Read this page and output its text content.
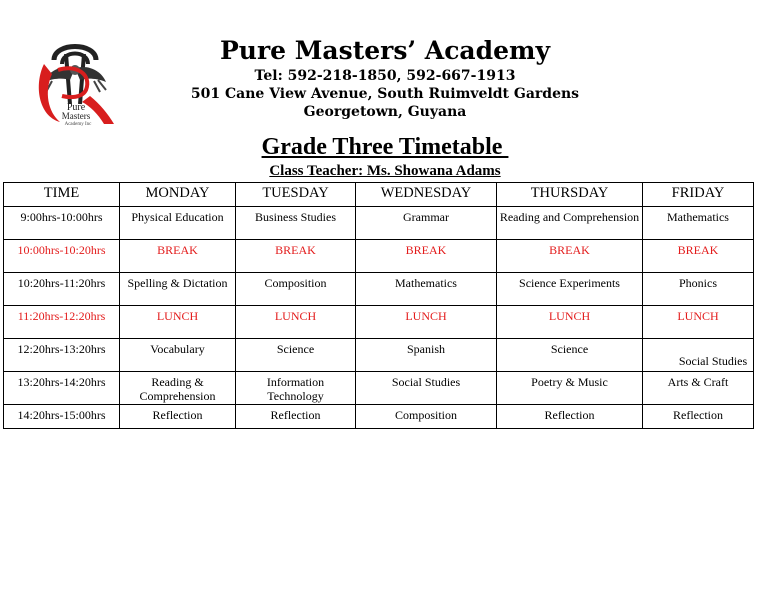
Pure
Masters
Academy Inc
Pure Masters’ Academy
Tel: 592-218-1850, 592-667-1913
501 Cane View Avenue, South Ruimveldt Gardens
Georgetown, Guyana
Grade Three Timetable
Class Teacher: Ms. Showana Adams
TIME	MONDAY	TUESDAY	WEDNESDAY	THURSDAY	FRIDAY
9:00hrs-10:00hrs	Physical Education	Business Studies	Grammar	Reading and Comprehension	Mathematics
10:00hrs-10:20hrs	BREAK	BREAK	BREAK	BREAK	BREAK
10:20hrs-11:20hrs	Spelling & Dictation	Composition	Mathematics	Science Experiments	Phonics
11:20hrs-12:20hrs	LUNCH	LUNCH	LUNCH	LUNCH	LUNCH
12:20hrs-13:20hrs	Vocabulary	Science	Spanish	Science	Social Studies

13:20hrs-14:20hrs	Reading & Comprehension	Information Technology	Social Studies	Poetry & Music	Arts & Craft
14:20hrs-15:00hrs	Reflection	Reflection	Composition	Reflection	Reflection
